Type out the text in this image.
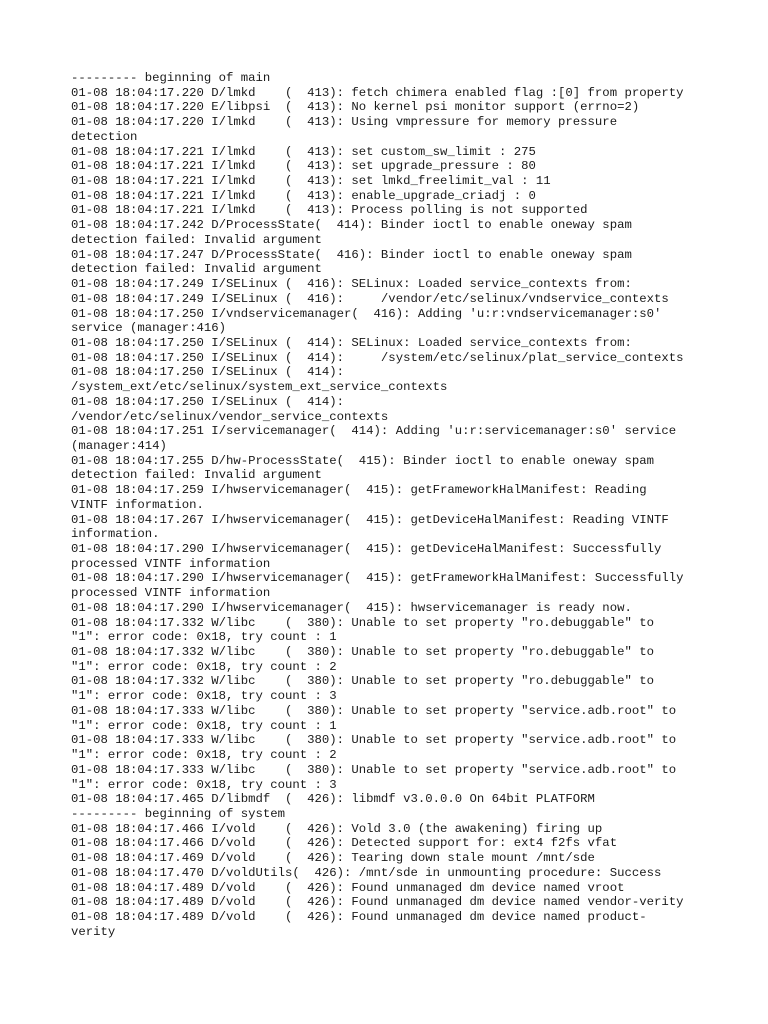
--------- beginning of main
01-08 18:04:17.220 D/lmkd    (  413): fetch chimera enabled flag :[0] from property
01-08 18:04:17.220 E/libpsi  (  413): No kernel psi monitor support (errno=2)
01-08 18:04:17.220 I/lmkd    (  413): Using vmpressure for memory pressure
detection
01-08 18:04:17.221 I/lmkd    (  413): set custom_sw_limit : 275
01-08 18:04:17.221 I/lmkd    (  413): set upgrade_pressure : 80
01-08 18:04:17.221 I/lmkd    (  413): set lmkd_freelimit_val : 11
01-08 18:04:17.221 I/lmkd    (  413): enable_upgrade_criadj : 0
01-08 18:04:17.221 I/lmkd    (  413): Process polling is not supported
01-08 18:04:17.242 D/ProcessState(  414): Binder ioctl to enable oneway spam
detection failed: Invalid argument
01-08 18:04:17.247 D/ProcessState(  416): Binder ioctl to enable oneway spam
detection failed: Invalid argument
01-08 18:04:17.249 I/SELinux (  416): SELinux: Loaded service_contexts from:
01-08 18:04:17.249 I/SELinux (  416):     /vendor/etc/selinux/vndservice_contexts
01-08 18:04:17.250 I/vndservicemanager(  416): Adding 'u:r:vndservicemanager:s0'
service (manager:416)
01-08 18:04:17.250 I/SELinux (  414): SELinux: Loaded service_contexts from:
01-08 18:04:17.250 I/SELinux (  414):     /system/etc/selinux/plat_service_contexts
01-08 18:04:17.250 I/SELinux (  414):
/system_ext/etc/selinux/system_ext_service_contexts
01-08 18:04:17.250 I/SELinux (  414):
/vendor/etc/selinux/vendor_service_contexts
01-08 18:04:17.251 I/servicemanager(  414): Adding 'u:r:servicemanager:s0' service
(manager:414)
01-08 18:04:17.255 D/hw-ProcessState(  415): Binder ioctl to enable oneway spam
detection failed: Invalid argument
01-08 18:04:17.259 I/hwservicemanager(  415): getFrameworkHalManifest: Reading
VINTF information.
01-08 18:04:17.267 I/hwservicemanager(  415): getDeviceHalManifest: Reading VINTF
information.
01-08 18:04:17.290 I/hwservicemanager(  415): getDeviceHalManifest: Successfully
processed VINTF information
01-08 18:04:17.290 I/hwservicemanager(  415): getFrameworkHalManifest: Successfully
processed VINTF information
01-08 18:04:17.290 I/hwservicemanager(  415): hwservicemanager is ready now.
01-08 18:04:17.332 W/libc    (  380): Unable to set property "ro.debuggable" to
"1": error code: 0x18, try count : 1
01-08 18:04:17.332 W/libc    (  380): Unable to set property "ro.debuggable" to
"1": error code: 0x18, try count : 2
01-08 18:04:17.332 W/libc    (  380): Unable to set property "ro.debuggable" to
"1": error code: 0x18, try count : 3
01-08 18:04:17.333 W/libc    (  380): Unable to set property "service.adb.root" to
"1": error code: 0x18, try count : 1
01-08 18:04:17.333 W/libc    (  380): Unable to set property "service.adb.root" to
"1": error code: 0x18, try count : 2
01-08 18:04:17.333 W/libc    (  380): Unable to set property "service.adb.root" to
"1": error code: 0x18, try count : 3
01-08 18:04:17.465 D/libmdf  (  426): libmdf v3.0.0.0 On 64bit PLATFORM
--------- beginning of system
01-08 18:04:17.466 I/vold    (  426): Vold 3.0 (the awakening) firing up
01-08 18:04:17.466 D/vold    (  426): Detected support for: ext4 f2fs vfat
01-08 18:04:17.469 D/vold    (  426): Tearing down stale mount /mnt/sde
01-08 18:04:17.470 D/voldUtils(  426): /mnt/sde in unmounting procedure: Success
01-08 18:04:17.489 D/vold    (  426): Found unmanaged dm device named vroot
01-08 18:04:17.489 D/vold    (  426): Found unmanaged dm device named vendor-verity
01-08 18:04:17.489 D/vold    (  426): Found unmanaged dm device named product-
verity
